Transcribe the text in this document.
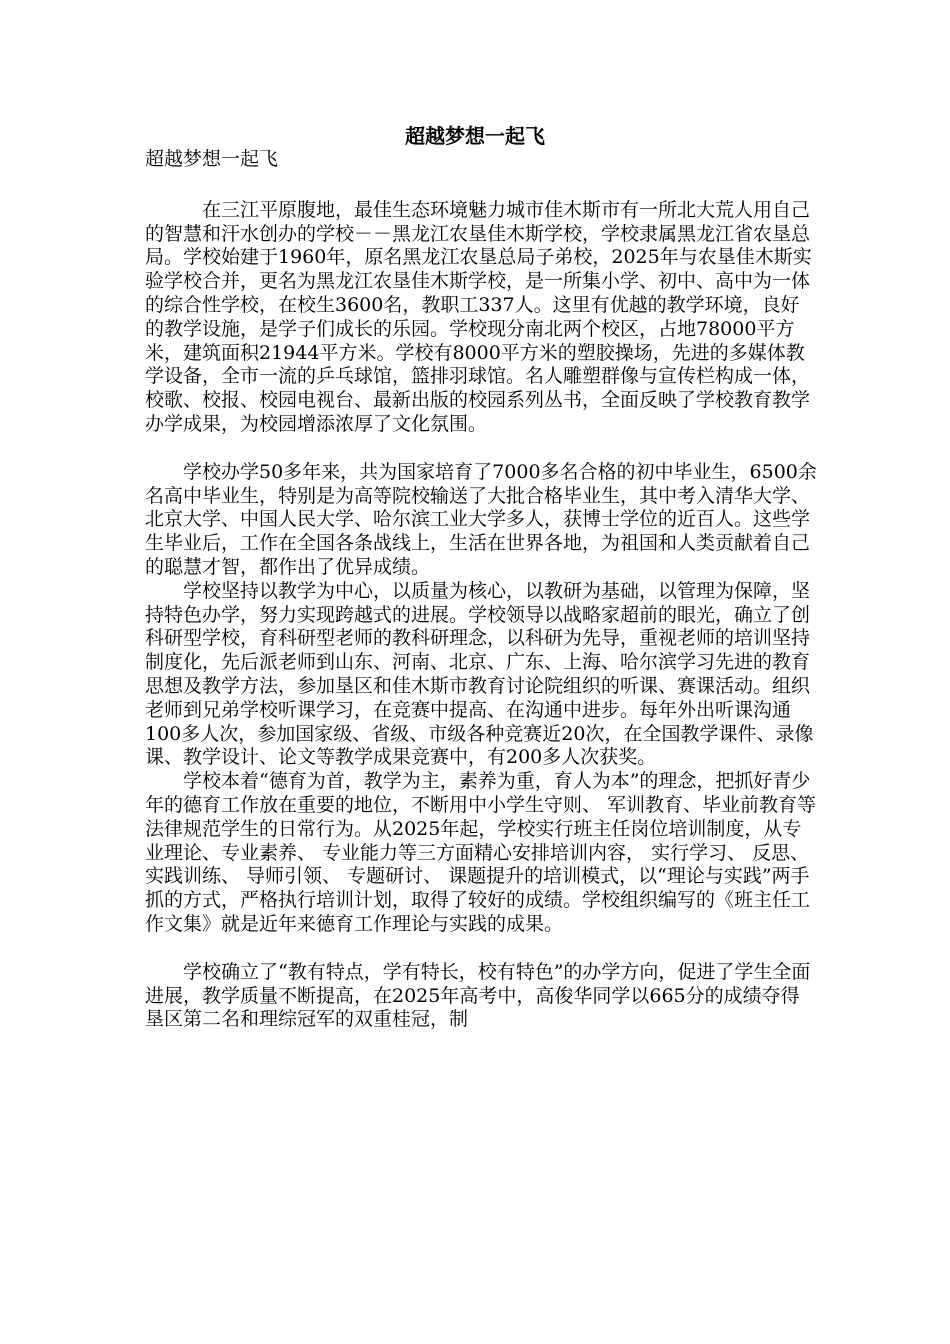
超越梦想一起飞

超越梦想一起飞

在三江平原腹地，最佳生态环境魅力城市佳木斯市有一所北大荒人用自己的智慧和汗水创办的学校－－黑龙江农垦佳木斯学校，学校隶属黑龙江省农垦总局。学校始建于1960年，原名黑龙江农垦总局子弟校，2025年与农垦佳木斯实验学校合并，更名为黑龙江农垦佳木斯学校，是一所集小学、初中、高中为一体的综合性学校，在校生3600名，教职工337人。这里有优越的教学环境，良好的教学设施，是学子们成长的乐园。学校现分南北两个校区，占地78000平方米，建筑面积21944平方米。学校有8000平方米的塑胶操场，先进的多媒体教学设备，全市一流的乒乓球馆，篮排羽球馆。名人雕塑群像与宣传栏构成一体，校歌、校报、校园电视台、最新出版的校园系列丛书，全面反映了学校教育教学办学成果，为校园增添浓厚了文化氛围。

学校办学50多年来，共为国家培育了7000多名合格的初中毕业生，6500余名高中毕业生，特别是为高等院校输送了大批合格毕业生，其中考入清华大学、北京大学、中国人民大学、哈尔滨工业大学多人，获博士学位的近百人。这些学生毕业后，工作在全国各条战线上，生活在世界各地，为祖国和人类贡献着自己的聪慧才智，都作出了优异成绩。

学校坚持以教学为中心，以质量为核心，以教研为基础，以管理为保障，坚持特色办学，努力实现跨越式的进展。学校领导以战略家超前的眼光，确立了创科研型学校，育科研型老师的教科研理念，以科研为先导，重视老师的培训坚持制度化，先后派老师到山东、河南、北京、广东、上海、哈尔滨学习先进的教育思想及教学方法，参加垦区和佳木斯市教育讨论院组织的听课、赛课活动。组织老师到兄弟学校听课学习，在竞赛中提高、在沟通中进步。每年外出听课沟通 100多人次，参加国家级、省级、市级各种竞赛近20次，在全国教学课件、录像课、教学设计、论文等教学成果竞赛中，有200多人次获奖。

学校本着“德育为首，教学为主，素养为重，育人为本”的理念，把抓好青少年的德育工作放在重要的地位，不断用中小学生守则、 军训教育、毕业前教育等法律规范学生的日常行为。从2025年起，学校实行班主任岗位培训制度，从专业理论、专业素养、 专业能力等三方面精心安排培训内容， 实行学习、 反思、 实践训练、 导师引领、 专题研讨、 课题提升的培训模式，以“理论与实践”两手抓的方式，严格执行培训计划，取得了较好的成绩。学校组织编写的《班主任工作文集》就是近年来德育工作理论与实践的成果。

学校确立了“教有特点，学有特长，校有特色”的办学方向，促进了学生全面进展，教学质量不断提高，在2025年高考中，高俊华同学以665分的成绩夺得垦区第二名和理综冠军的双重桂冠，制
